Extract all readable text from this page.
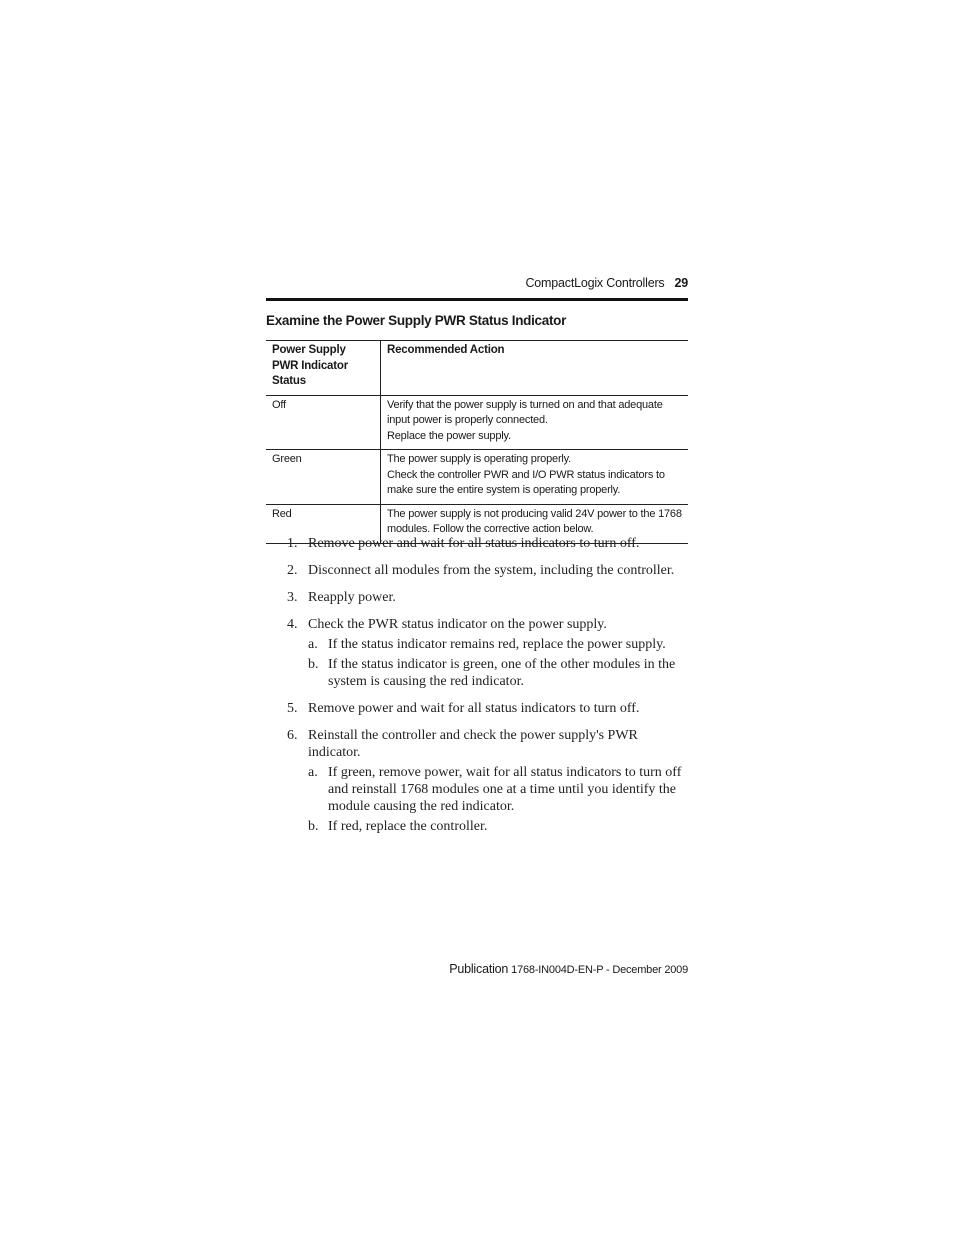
CompactLogix Controllers 29
Examine the Power Supply PWR Status Indicator
Power Supply PWR Indicator Status	Recommended Action
Off	Verify that the power supply is turned on and that adequate input power is properly connected.
Replace the power supply.

Green	The power supply is operating properly.
Check the controller PWR and I/O PWR status indicators to make sure the entire system is operating properly.

Red	The power supply is not producing valid 24V power to the 1768 modules. Follow the corrective action below.
1. Remove power and wait for all status indicators to turn off.
2. Disconnect all modules from the system, including the controller.
3. Reapply power.
4. Check the PWR status indicator on the power supply.
a. If the status indicator remains red, replace the power supply.
b. If the status indicator is green, one of the other modules in the system is causing the red indicator.
5. Remove power and wait for all status indicators to turn off.
6. Reinstall the controller and check the power supply's PWR indicator.
a. If green, remove power, wait for all status indicators to turn off and reinstall 1768 modules one at a time until you identify the module causing the red indicator.
b. If red, replace the controller.
Publication 1768-IN004D-EN-P - December 2009
